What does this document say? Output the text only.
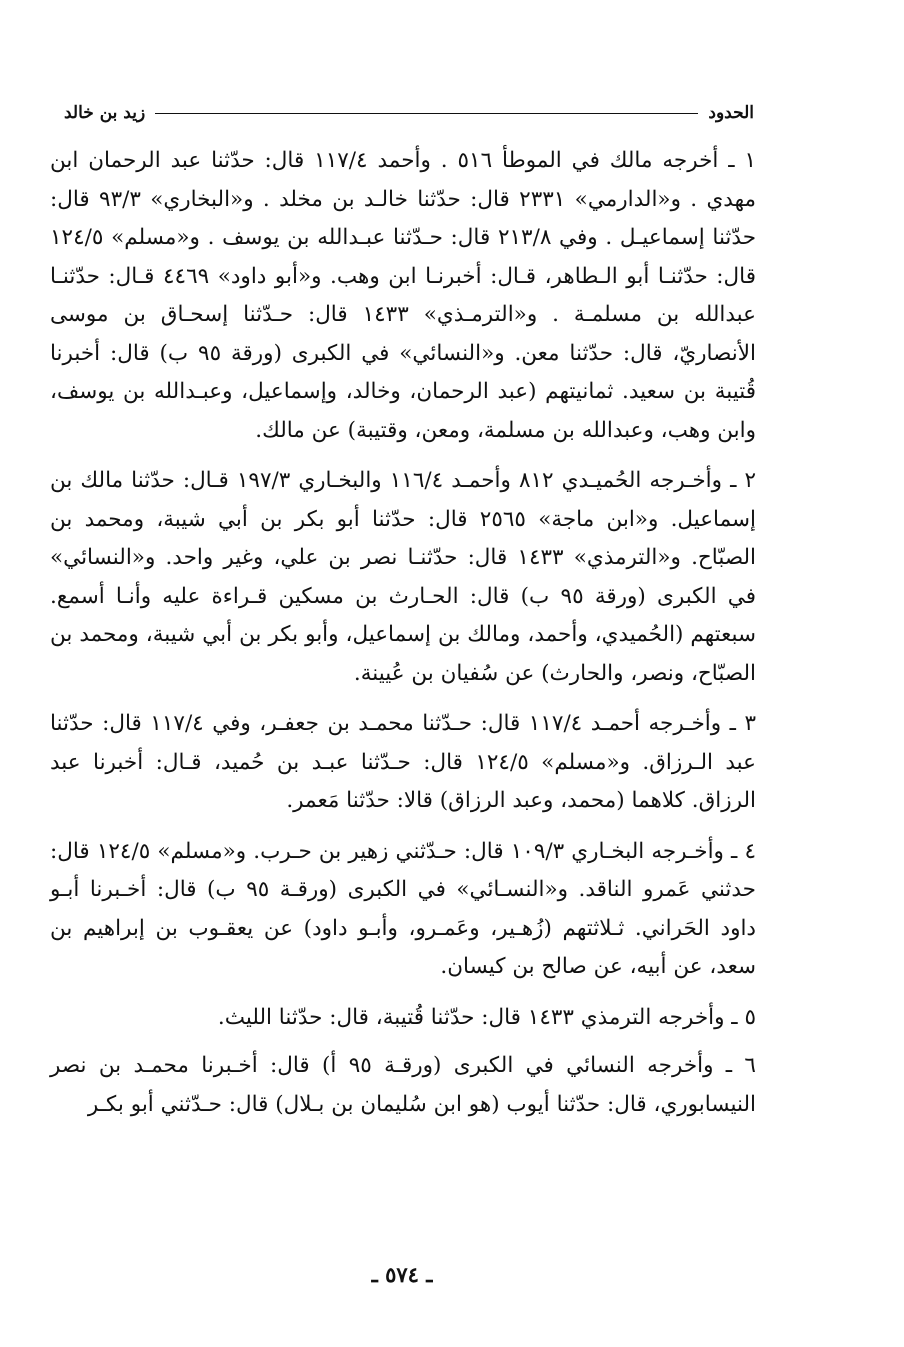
الحدود
زيد بن خالد

١ ـ أخرجه مالك في الموطأ ٥١٦ . وأحمد ١١٧/٤ قال: حدّثنا عبد الرحمان ابن مهدي . و«الدارمي» ٢٣٣١ قال: حدّثنا خالـد بن مخلد . و«البخاري» ٩٣/٣ قال: حدّثنا إسماعيـل . وفي ٢١٣/٨ قال: حـدّثنا عبـدالله بن يوسف . و«مسلم» ١٢٤/٥ قال: حدّثنـا أبو الـطاهر، قـال: أخبرنـا ابن وهب. و«أبو داود» ٤٤٦٩ قـال: حدّثنـا عبدالله بن مسلمـة . و«الترمـذي» ١٤٣٣ قال: حـدّثنا إسحـاق بن موسى الأنصاريّ، قال: حدّثنا معن. و«النسائي» في الكبرى (ورقة ٩٥ ب) قال: أخبرنا قُتيبة بن سعيد. ثمانيتهم (عبد الرحمان، وخالد، وإسماعيل، وعبـدالله بن يوسف، وابن وهب، وعبدالله بن مسلمة، ومعن، وقتيبة) عن مالك.

٢ ـ وأخـرجه الحُميـدي ٨١٢ وأحمـد ١١٦/٤ والبخـاري ١٩٧/٣ قـال: حدّثنا مالك بن إسماعيل. و«ابن ماجة» ٢٥٦٥ قال: حدّثنا أبو بكر بن أبي شيبة، ومحمد بن الصبّاح. و«الترمذي» ١٤٣٣ قال: حدّثنـا نصر بن علي، وغير واحد. و«النسائي» في الكبرى (ورقة ٩٥ ب) قال: الحـارث بن مسكين قـراءة عليه وأنـا أسمع. سبعتهم (الحُميدي، وأحمد، ومالك بن إسماعيل، وأبو بكر بن أبي شيبة، ومحمد بن الصبّاح، ونصر، والحارث) عن سُفيان بن عُيينة.

٣ ـ وأخـرجه أحمـد ١١٧/٤ قال: حـدّثنا محمـد بن جعفـر، وفي ١١٧/٤ قال: حدّثنا عبد الـرزاق. و«مسلم» ١٢٤/٥ قال: حـدّثنا عبـد بن حُميد، قـال: أخبرنا عبد الرزاق. كلاهما (محمد، وعبد الرزاق) قالا: حدّثنا مَعمر.

٤ ـ وأخـرجه البخـاري ١٠٩/٣ قال: حـدّثني زهير بن حـرب. و«مسلم» ١٢٤/٥ قال: حدثني عَمرو الناقد. و«النسـائي» في الكبرى (ورقـة ٩٥ ب) قال: أخـبرنا أبـو داود الحَراني. ثـلاثتهم (زُهـير، وعَمـرو، وأبـو داود) عن يعقـوب بن إبراهيم بن سعد، عن أبيه، عن صالح بن كيسان.

٥ ـ وأخرجه الترمذي ١٤٣٣ قال: حدّثنا قُتيبة، قال: حدّثنا الليث.

٦ ـ وأخرجه النسائي في الكبرى (ورقـة ٩٥ أ) قال: أخـبرنا محمـد بن نصر النيسابوري، قال: حدّثنا أيوب (هو ابن سُليمان بن بـلال) قال: حـدّثني أبو بكـر

ـ ٥٧٤ ـ
